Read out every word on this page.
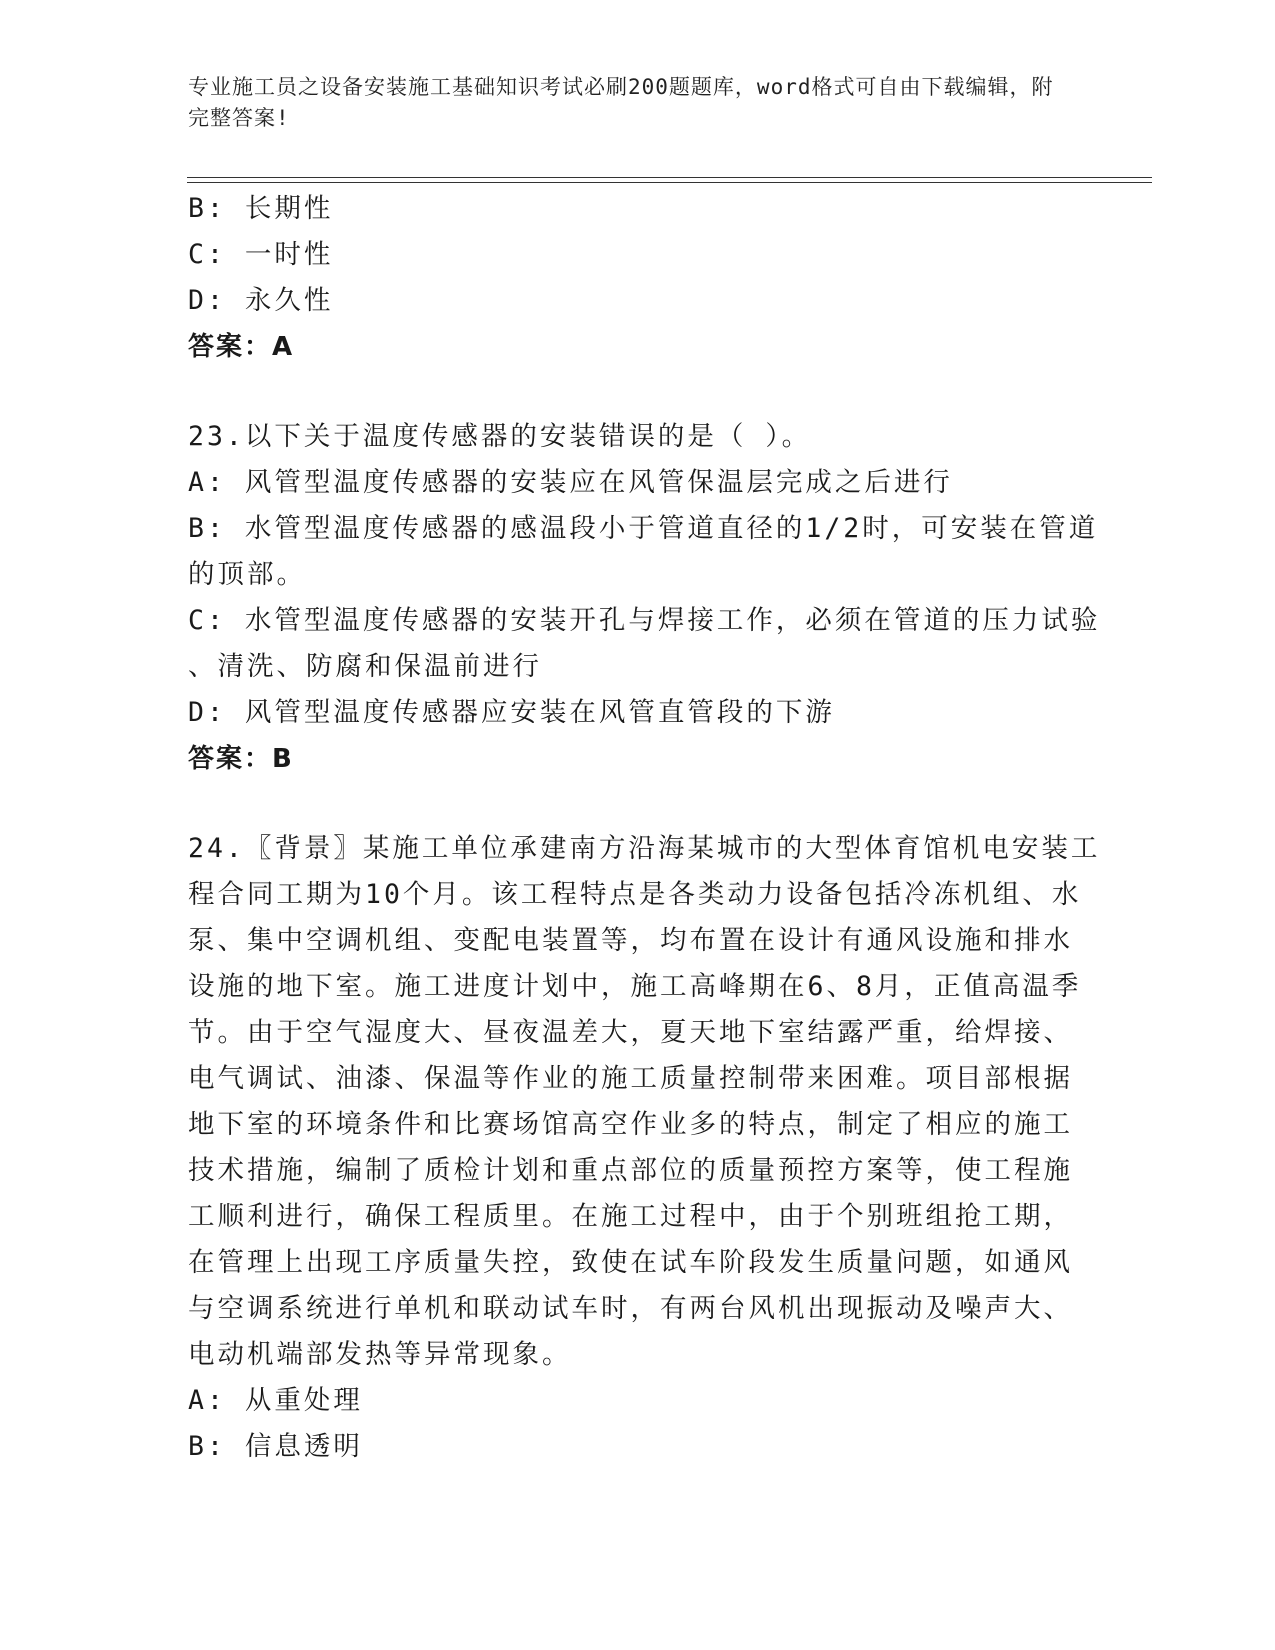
专业施工员之设备安装施工基础知识考试必刷200题题库，word格式可自由下载编辑，附完整答案!
B: 长期性
C: 一时性
D: 永久性
答案：A
23.以下关于温度传感器的安装错误的是（ ）。
A: 风管型温度传感器的安装应在风管保温层完成之后进行
B: 水管型温度传感器的感温段小于管道直径的1/2时，可安装在管道
的顶部。
C: 水管型温度传感器的安装开孔与焊接工作，必须在管道的压力试验
、清洗、防腐和保温前进行
D: 风管型温度传感器应安装在风管直管段的下游
答案：B
24.〖背景〗某施工单位承建南方沿海某城市的大型体育馆机电安装工
程合同工期为10个月。该工程特点是各类动力设备包括冷冻机组、水
泵、集中空调机组、变配电装置等，均布置在设计有通风设施和排水
设施的地下室。施工进度计划中，施工高峰期在6、8月，正值高温季
节。由于空气湿度大、昼夜温差大，夏天地下室结露严重，给焊接、
电气调试、油漆、保温等作业的施工质量控制带来困难。项目部根据
地下室的环境条件和比赛场馆高空作业多的特点，制定了相应的施工
技术措施，编制了质检计划和重点部位的质量预控方案等，使工程施
工顺利进行，确保工程质里。在施工过程中，由于个别班组抢工期，
在管理上出现工序质量失控，致使在试车阶段发生质量问题，如通风
与空调系统进行单机和联动试车时，有两台风机出现振动及噪声大、
电动机端部发热等异常现象。
A: 从重处理
B: 信息透明
